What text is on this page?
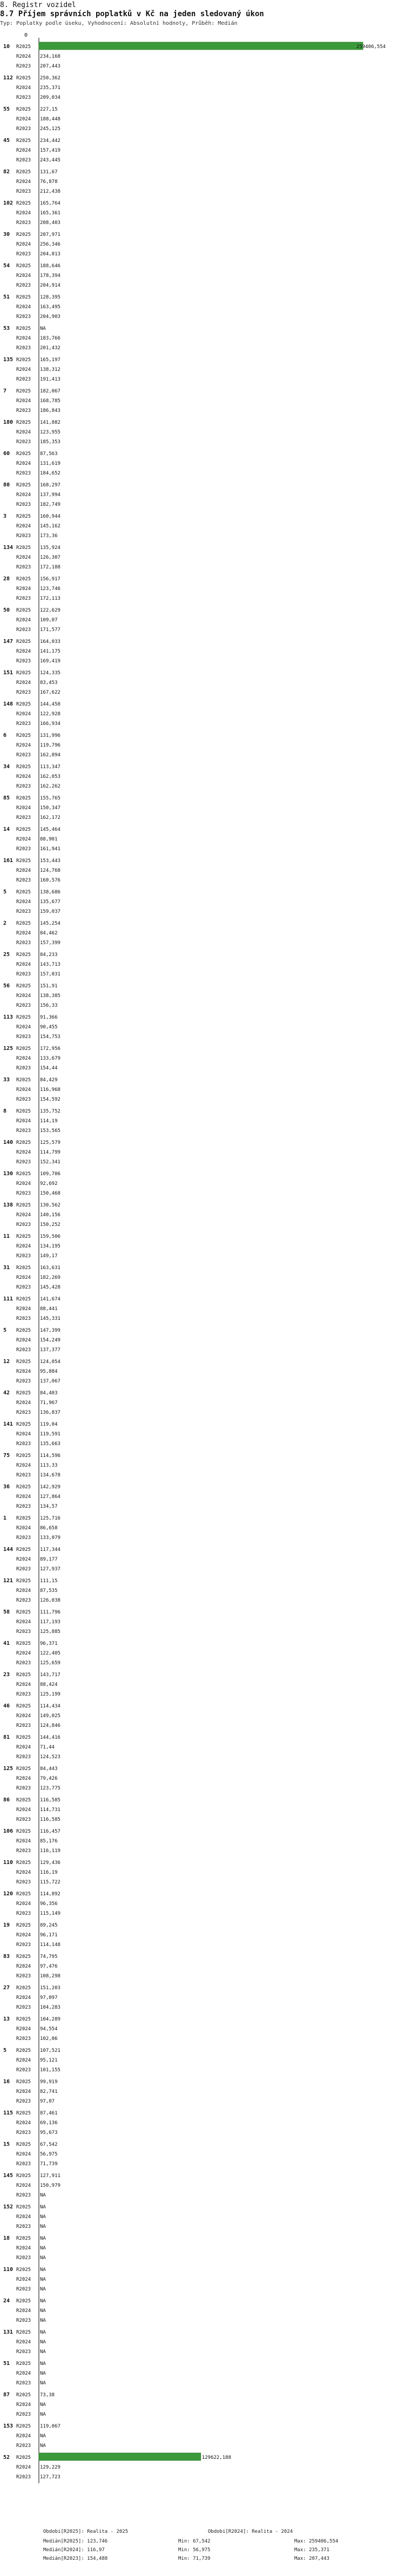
8. Registr vozidel
8.7 Příjem správních poplatků v Kč na jeden sledovaný úkon
Typ: Poplatky podle úseku, Vyhodnocení: Absolutní hodnoty, Průběh: Medián
0
10 R2025	259406,554
R2024 234,168
R2023 207,443
112 R2025 250,362
R2024 235,371
R2023 209,034
55 R2025 227,15
R2024 188,448
R2023 245,125
45 R2025 234,442
R2024 157,419
R2023 243,445
82 R2025 131,67
R2024 76,878
R2023 212,438
102 R2025 165,764
R2024 165,361
R2023 208,403
30 R2025 207,971
R2024 256,346
R2023 204,813
54 R2025 188,646
R2024 178,394
R2023 204,914
51 R2025 128,395
R2024 163,495
R2023 204,903
53 R2025 NA
R2024 183,766
R2023 201,432
135 R2025 165,197
R2024 138,312
R2023 191,413
7 R2025 182,067
R2024 168,785
R2023 186,843
180 R2025 141,882
R2024 123,955
R2023 185,353
60 R2025 87,563
R2024 131,619
R2023 184,652
80 R2025 168,297
R2024 137,994
R2023 182,749
3 R2025 160,944
R2024 145,162
R2023 173,36
134 R2025 135,924
R2024 126,307
R2023 172,188
28 R2025 156,917
R2024 123,746
R2023 172,113
50 R2025 122,629
R2024 109,07
R2023 171,577
147 R2025 164,033
R2024 141,175
R2023 169,419
151 R2025 124,335
R2024 83,453
R2023 167,622
148 R2025 144,458
R2024 122,928
R2023 166,934
6 R2025 131,996
R2024 119,796
R2023 162,894
34 R2025 113,347
R2024 162,053
R2023 162,262
85 R2025 155,765
R2024 150,347
R2023 162,172
14 R2025 145,464
R2024 88,901
R2023 161,941
161 R2025 153,443
R2024 124,768
R2023 160,576
5 R2025 138,686
R2024 135,677
R2023 159,037
2 R2025 145,254
R2024 84,462
R2023 157,399
25 R2025 84,233
R2024 143,713
R2023 157,031
56 R2025 151,91
R2024 138,385
R2023 156,33
113 R2025 91,366
R2024 90,455
R2023 154,753
125 R2025 172,956
R2024 133,679
R2023 154,44
33 R2025 84,429
R2024 116,968
R2023 154,592
8 R2025 135,752
R2024 114,19
R2023 153,565
140 R2025 125,579
R2024 114,799
R2023 152,341
130 R2025 109,706
R2024 92,692
R2023 150,468
138 R2025 130,562
R2024 140,156
R2023 150,252
11 R2025 159,506
R2024 134,195
R2023 149,17
31 R2025 163,631
R2024 182,269
R2023 145,428
111 R2025 141,674
R2024 88,441
R2023 145,331
5 R2025 147,399
R2024 154,249
R2023 137,377
12 R2025 124,054
R2024 95,884
R2023 137,067
42 R2025 84,403
R2024 71,967
R2023 136,837
141 R2025 119,04
R2024 119,591
R2023 135,663
75 R2025 114,596
R2024 113,33
R2023 134,678
36 R2025 142,929
R2024 127,864
R2023 134,57
1 R2025 125,716
R2024 86,658
R2023 133,079
144 R2025 117,344
R2024 89,177
R2023 127,937
121 R2025 111,15
R2024 87,535
R2023 126,038
58 R2025 111,796
R2024 117,193
R2023 125,885
41 R2025 96,371
R2024 122,405
R2023 125,659
23 R2025 143,717
R2024 88,424
R2023 125,199
46 R2025 114,434
R2024 149,025
R2023 124,846
81 R2025 144,416
R2024 71,44
R2023 124,523
125 R2025 84,443
R2024 79,426
R2023 123,775
86 R2025 116,585
R2024 114,731
R2023 116,585
106 R2025 116,457
R2024 85,176
R2023 116,119
110 R2025 129,436
R2024 116,19
R2023 115,722
120 R2025 114,892
R2024 96,356
R2023 115,149
19 R2025 89,245
R2024 96,171
R2023 114,148
83 R2025 74,795
R2024 97,476
R2023 108,298
27 R2025 151,203
R2024 97,097
R2023 104,283
13 R2025 104,289
R2024 94,554
R2023 102,06
5 R2025 107,521
R2024 95,121
R2023 101,155
16 R2025 99,919
R2024 82,741
R2023 97,07
115 R2025 87,461
R2024 69,136
R2023 95,673
15 R2025 67,542
R2024 56,975
R2023 71,739
145 R2025 127,911
R2024 150,979
R2023 NA
152 R2025 NA
R2024 NA
R2023 NA
18 R2025 NA
R2024 NA
R2023 NA
110 R2025 NA
R2024 NA
R2023 NA
24 R2025 NA
R2024 NA
R2023 NA
131 R2025 NA
R2024 NA
R2023 NA
51 R2025 NA
R2024 NA
R2023 NA
87 R2025 73,38
R2024 NA
R2023 NA
153 R2025 119,067
R2024 NA
R2023 NA
52 R2025	129622,188
R2024 129,229
R2023 127,723
Obdobi[R2025]: Realita - 2025
Medián[R2025]: 123,746
Medián[R2024]: 116,97
Medián[R2023]: 154,488
Obdobi[R2024]: Realita - 2024
Min: 67,542
Min: 56,975
Min: 71,739
Max: 259406,554
Max: 235,371
Max: 207,443
